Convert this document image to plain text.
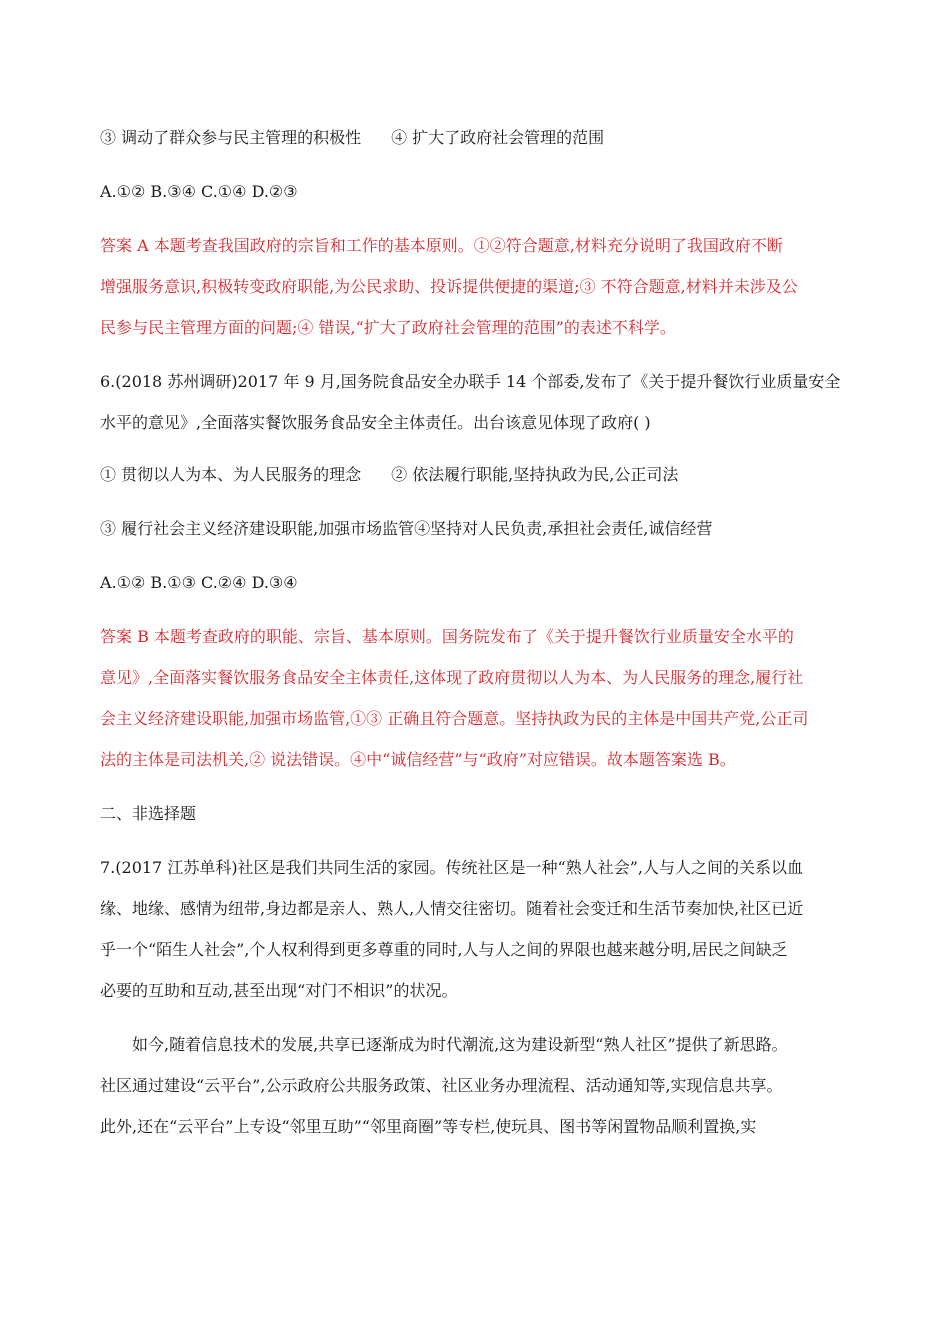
③ 调动了群众参与民主管理的积极性 ④ 扩大了政府社会管理的范围
A.①② B.③④ C.①④ D.②③
答案 A 本题考查我国政府的宗旨和工作的基本原则。①②符合题意,材料充分说明了我国政府不断
增强服务意识,积极转变政府职能,为公民求助、投诉提供便捷的渠道;③ 不符合题意,材料并未涉及公
民参与民主管理方面的问题;④ 错误,“扩大了政府社会管理的范围”的表述不科学。
6.(2018 苏州调研)2017 年 9 月,国务院食品安全办联手 14 个部委,发布了《关于提升餐饮行业质量安全
水平的意见》,全面落实餐饮服务食品安全主体责任。出台该意见体现了政府( )
① 贯彻以人为本、为人民服务的理念 ② 依法履行职能,坚持执政为民,公正司法
③ 履行社会主义经济建设职能,加强市场监管④坚持对人民负责,承担社会责任,诚信经营
A.①② B.①③ C.②④ D.③④
答案 B 本题考查政府的职能、宗旨、基本原则。国务院发布了《关于提升餐饮行业质量安全水平的
意见》,全面落实餐饮服务食品安全主体责任,这体现了政府贯彻以人为本、为人民服务的理念,履行社
会主义经济建设职能,加强市场监管,①③ 正确且符合题意。坚持执政为民的主体是中国共产党,公正司
法的主体是司法机关,② 说法错误。④中“诚信经营”与“政府”对应错误。故本题答案选 B。
二、非选择题
7.(2017 江苏单科)社区是我们共同生活的家园。传统社区是一种“熟人社会”,人与人之间的关系以血
缘、地缘、感情为纽带,身边都是亲人、熟人,人情交往密切。随着社会变迁和生活节奏加快,社区已近
乎一个“陌生人社会”,个人权利得到更多尊重的同时,人与人之间的界限也越来越分明,居民之间缺乏
必要的互助和互动,甚至出现“对门不相识”的状况。
如今,随着信息技术的发展,共享已逐渐成为时代潮流,这为建设新型“熟人社区”提供了新思路。
社区通过建设“云平台”,公示政府公共服务政策、社区业务办理流程、活动通知等,实现信息共享。
此外,还在“云平台”上专设“邻里互助”“邻里商圈”等专栏,使玩具、图书等闲置物品顺利置换,实
